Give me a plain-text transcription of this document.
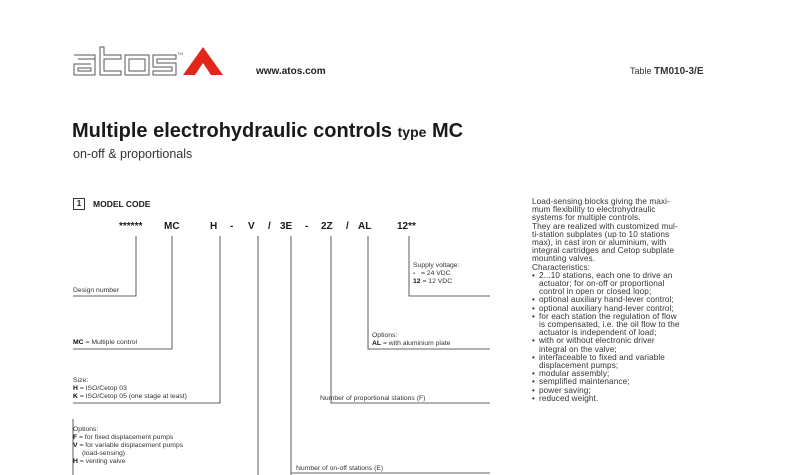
TM
www.atos.com	Table TM010-3/E
Multiple electrohydraulic controls type MC
on-off & proportionals
1	MODEL CODE
****** MC	H - V / 3E - 2Z / AL	12**
Design number
MC = Multiple control
Size:
H = ISO/Cetop 03
K = ISO/Cetop 05 (one stage at least)
Options:
F = for fixed displacement pumps
V = for variable displacement pumps
(load-sensing)
H = venting valve
Number of on-off stations (E)
Number of proportional stations (F)
Options:
AL = with aluminium plate
Supply voltage:
- = 24 VDC
12 = 12 VDC

Load-sensing blocks giving the maxi-

mum flexibility to electrohydraulic

systems for multiple controls.

They are realized with customized mul-

ti-station subplates (up to 10 stations

max), in cast iron or aluminium, with

integral cartridges and Cetop subplate

mounting valves.

Characteristics:

• 2...10 stations, each one to drive an

actuator; for on-off or proportional

control in open or closed loop;

• optional auxiliary hand-lever control;

• optional auxiliary hand-lever control;

• for each station the regulation of flow

is compensated, i.e. the oil flow to the

actuator is independent of load;

• with or without electronic driver

integral on the valve;

• interfaceable to fixed and variable

displacement pumps;

• modular assembly;

• semplified maintenance;

• power saving;

• reduced weight.
